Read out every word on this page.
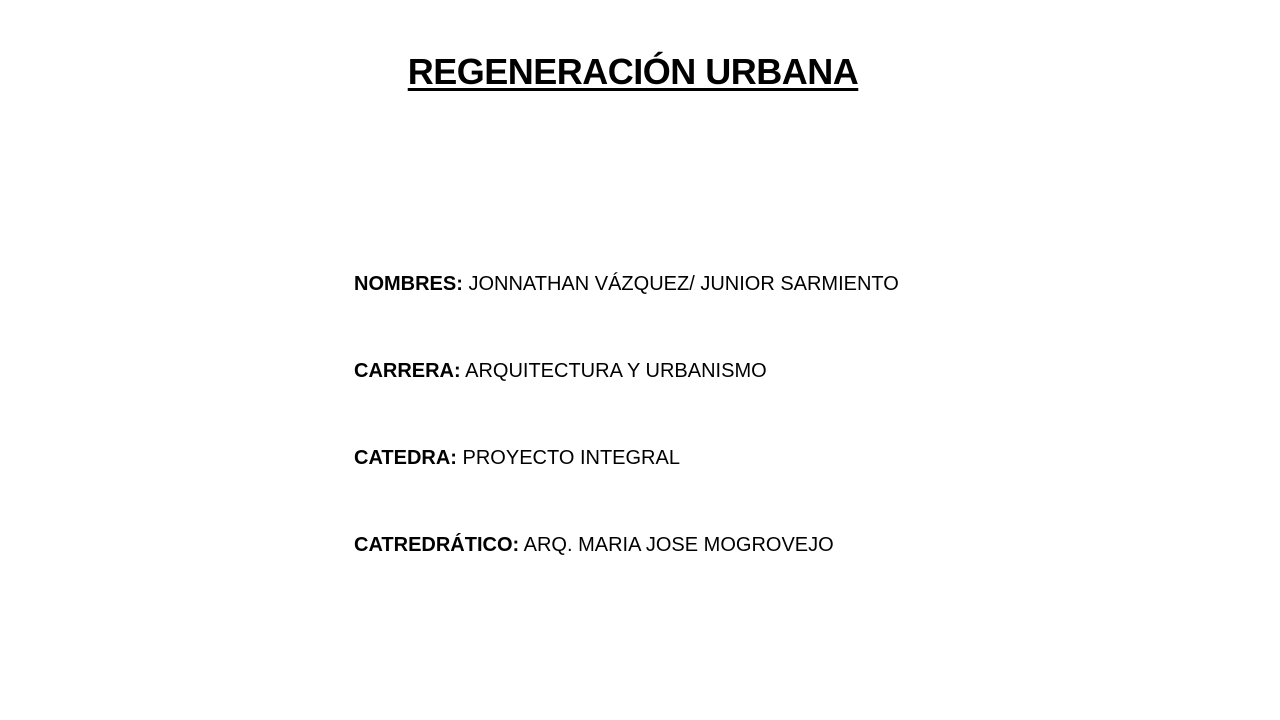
REGENERACIÓN URBANA
NOMBRES: JONNATHAN VÁZQUEZ/ JUNIOR SARMIENTO
CARRERA: ARQUITECTURA Y URBANISMO
CATEDRA: PROYECTO INTEGRAL
CATREDRÁTICO: ARQ. MARIA JOSE MOGROVEJO
